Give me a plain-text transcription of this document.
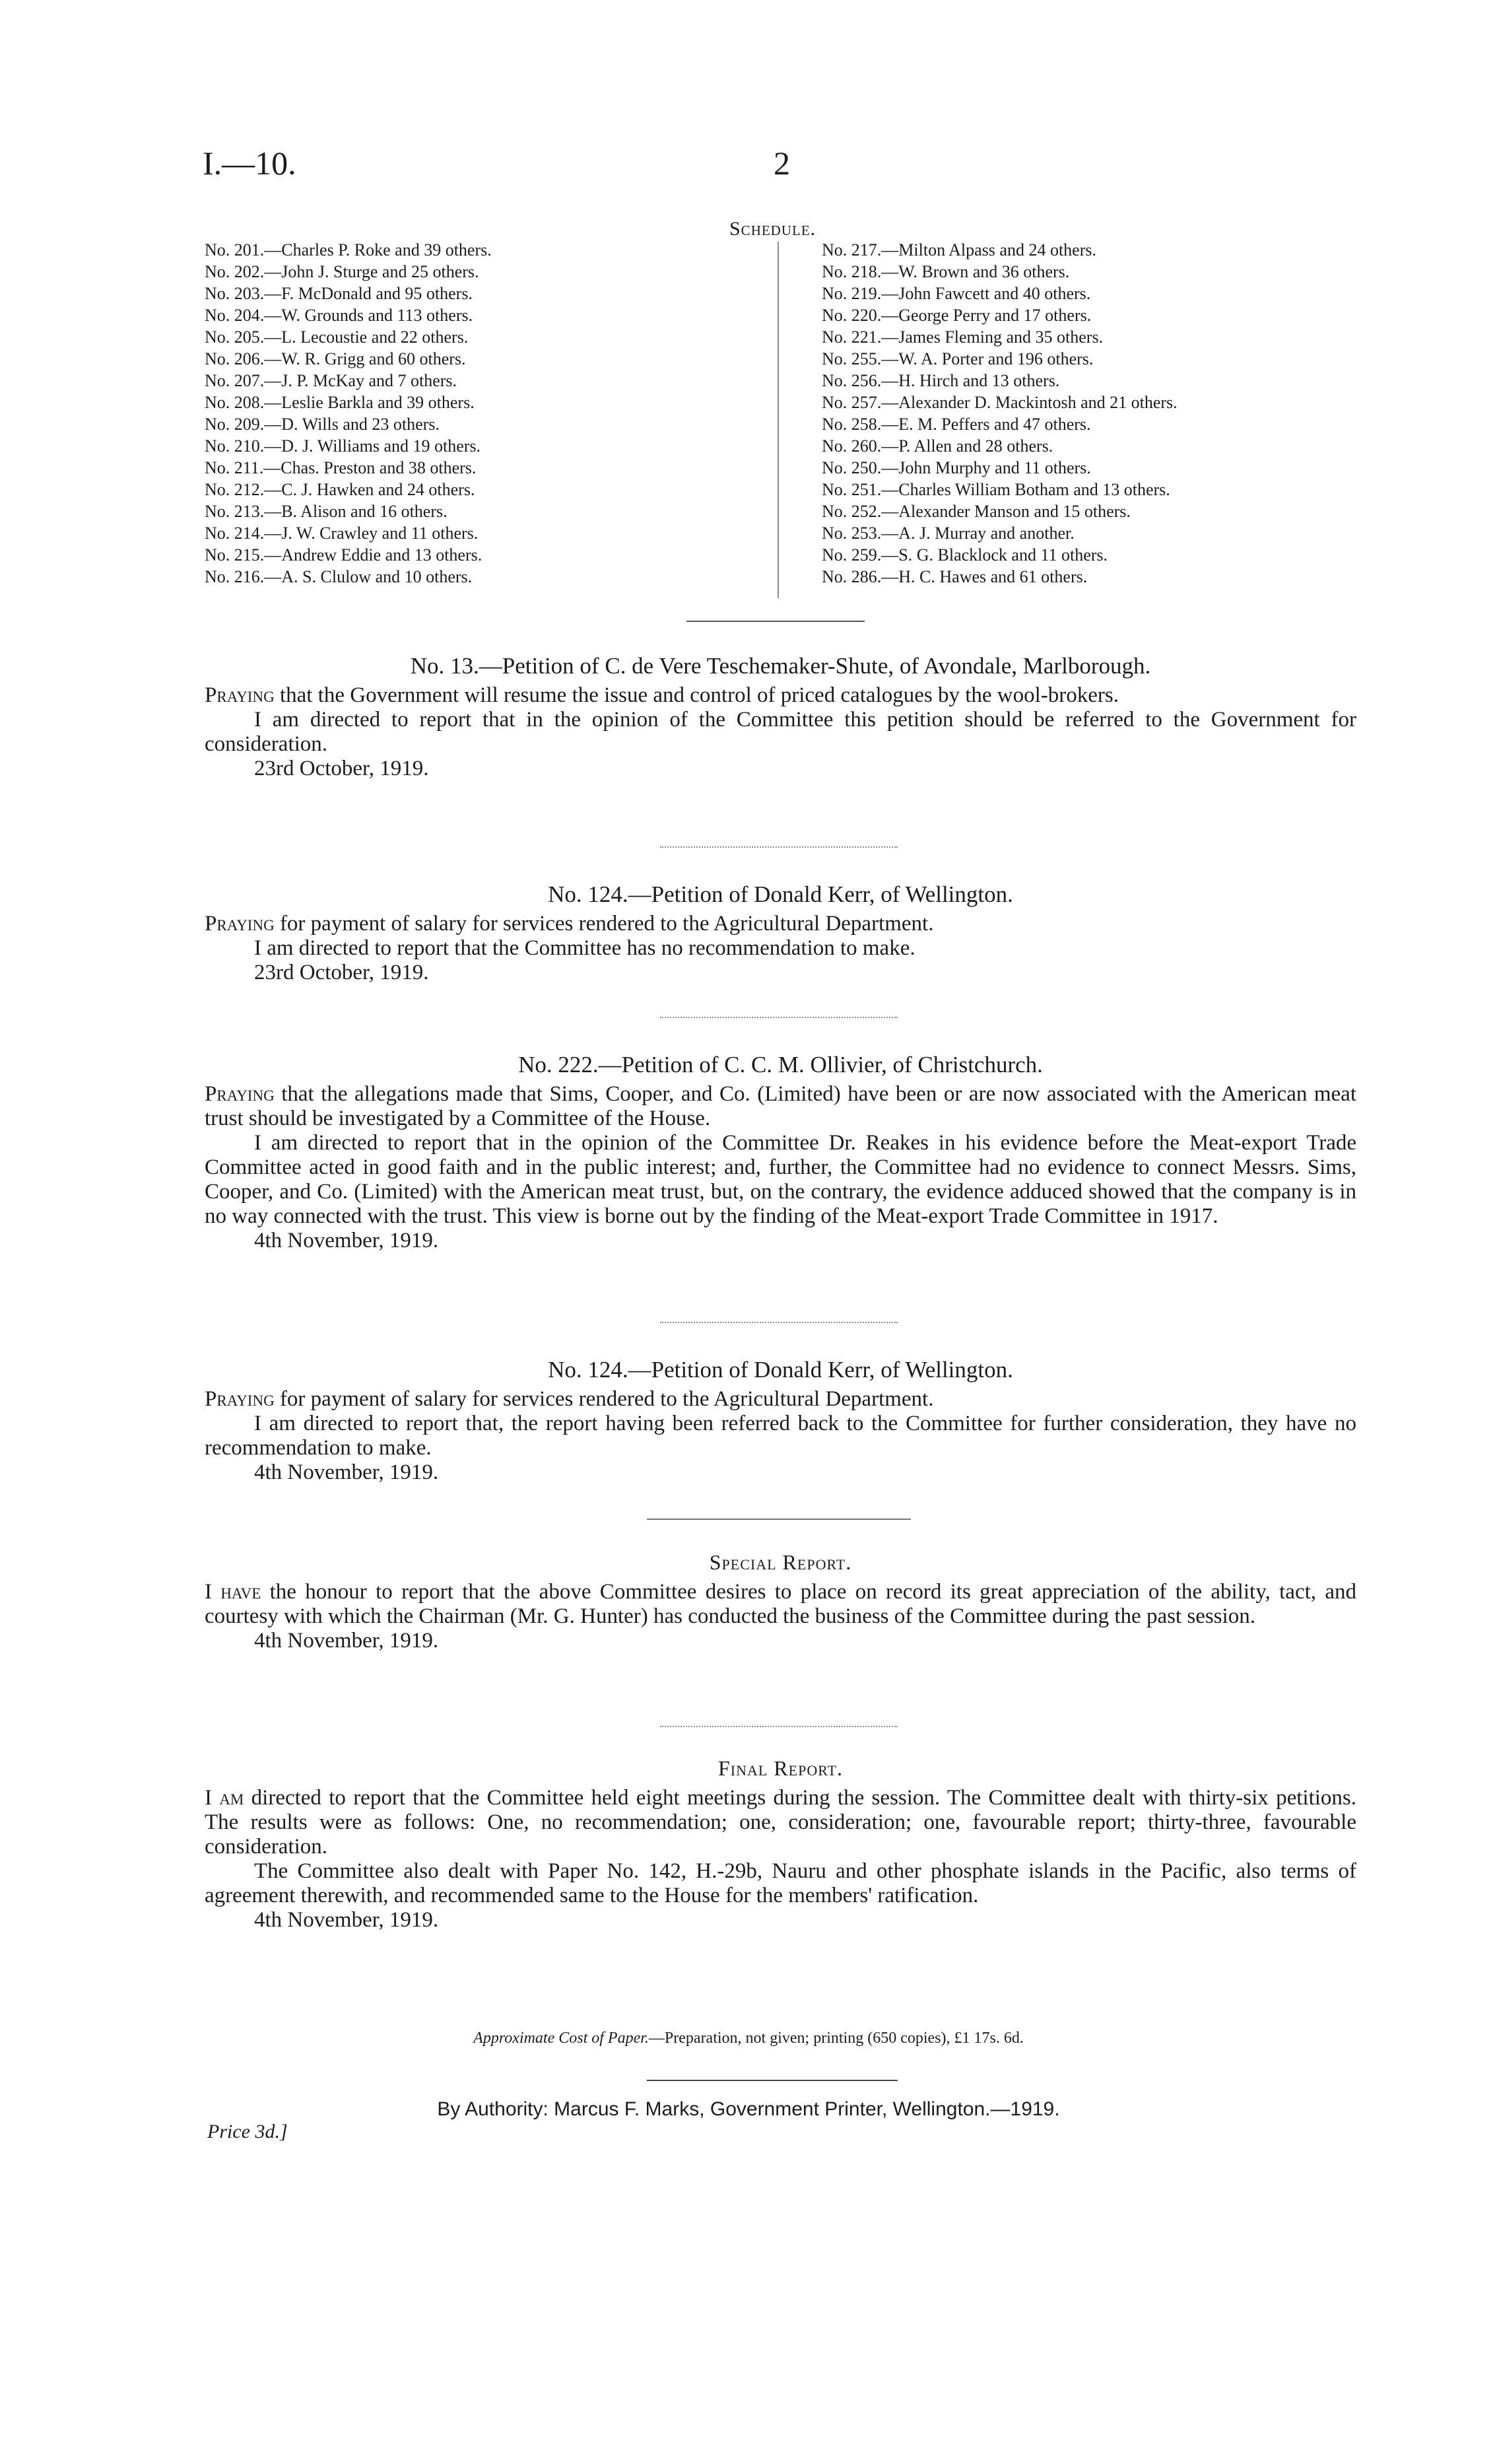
I.—10.	2
Schedule.
No. 201.—Charles P. Roke and 39 others.
No. 202.—John J. Sturge and 25 others.
No. 203.—F. McDonald and 95 others.
No. 204.—W. Grounds and 113 others.
No. 205.—L. Lecoustie and 22 others.
No. 206.—W. R. Grigg and 60 others.
No. 207.—J. P. McKay and 7 others.
No. 208.—Leslie Barkla and 39 others.
No. 209.—D. Wills and 23 others.
No. 210.—D. J. Williams and 19 others.
No. 211.—Chas. Preston and 38 others.
No. 212.—C. J. Hawken and 24 others.
No. 213.—B. Alison and 16 others.
No. 214.—J. W. Crawley and 11 others.
No. 215.—Andrew Eddie and 13 others.
No. 216.—A. S. Clulow and 10 others.
No. 217.—Milton Alpass and 24 others.
No. 218.—W. Brown and 36 others.
No. 219.—John Fawcett and 40 others.
No. 220.—George Perry and 17 others.
No. 221.—James Fleming and 35 others.
No. 255.—W. A. Porter and 196 others.
No. 256.—H. Hirch and 13 others.
No. 257.—Alexander D. Mackintosh and 21 others.
No. 258.—E. M. Peffers and 47 others.
No. 260.—P. Allen and 28 others.
No. 250.—John Murphy and 11 others.
No. 251.—Charles William Botham and 13 others.
No. 252.—Alexander Manson and 15 others.
No. 253.—A. J. Murray and another.
No. 259.—S. G. Blacklock and 11 others.
No. 286.—H. C. Hawes and 61 others.
No. 13.—Petition of C. de Vere Teschemaker-Shute, of Avondale, Marlborough.

Praying that the Government will resume the issue and control of priced catalogues by the wool-brokers.

I am directed to report that in the opinion of the Committee this petition should be referred to the Government for consideration.

23rd October, 1919.

No. 124.—Petition of Donald Kerr, of Wellington.

Praying for payment of salary for services rendered to the Agricultural Department.

I am directed to report that the Committee has no recommendation to make.

23rd October, 1919.

No. 222.—Petition of C. C. M. Ollivier, of Christchurch.

Praying that the allegations made that Sims, Cooper, and Co. (Limited) have been or are now associated with the American meat trust should be investigated by a Committee of the House.

I am directed to report that in the opinion of the Committee Dr. Reakes in his evidence before the Meat-export Trade Committee acted in good faith and in the public interest; and, further, the Committee had no evidence to connect Messrs. Sims, Cooper, and Co. (Limited) with the American meat trust, but, on the contrary, the evidence adduced showed that the company is in no way connected with the trust. This view is borne out by the finding of the Meat-export Trade Committee in 1917.

4th November, 1919.

No. 124.—Petition of Donald Kerr, of Wellington.

Praying for payment of salary for services rendered to the Agricultural Department.

I am directed to report that, the report having been referred back to the Committee for further consideration, they have no recommendation to make.

4th November, 1919.

Special Report.

I have the honour to report that the above Committee desires to place on record its great appreciation of the ability, tact, and courtesy with which the Chairman (Mr. G. Hunter) has conducted the business of the Committee during the past session.

4th November, 1919.

Final Report.

I am directed to report that the Committee held eight meetings during the session. The Committee dealt with thirty-six petitions. The results were as follows: One, no recommendation; one, consideration; one, favourable report; thirty-three, favourable consideration.

The Committee also dealt with Paper No. 142, H.-29b, Nauru and other phosphate islands in the Pacific, also terms of agreement therewith, and recommended same to the House for the members' ratification.

4th November, 1919.

Approximate Cost of Paper.—Preparation, not given; printing (650 copies), £1 17s. 6d.
By Authority: Marcus F. Marks, Government Printer, Wellington.—1919.
Price 3d.]
